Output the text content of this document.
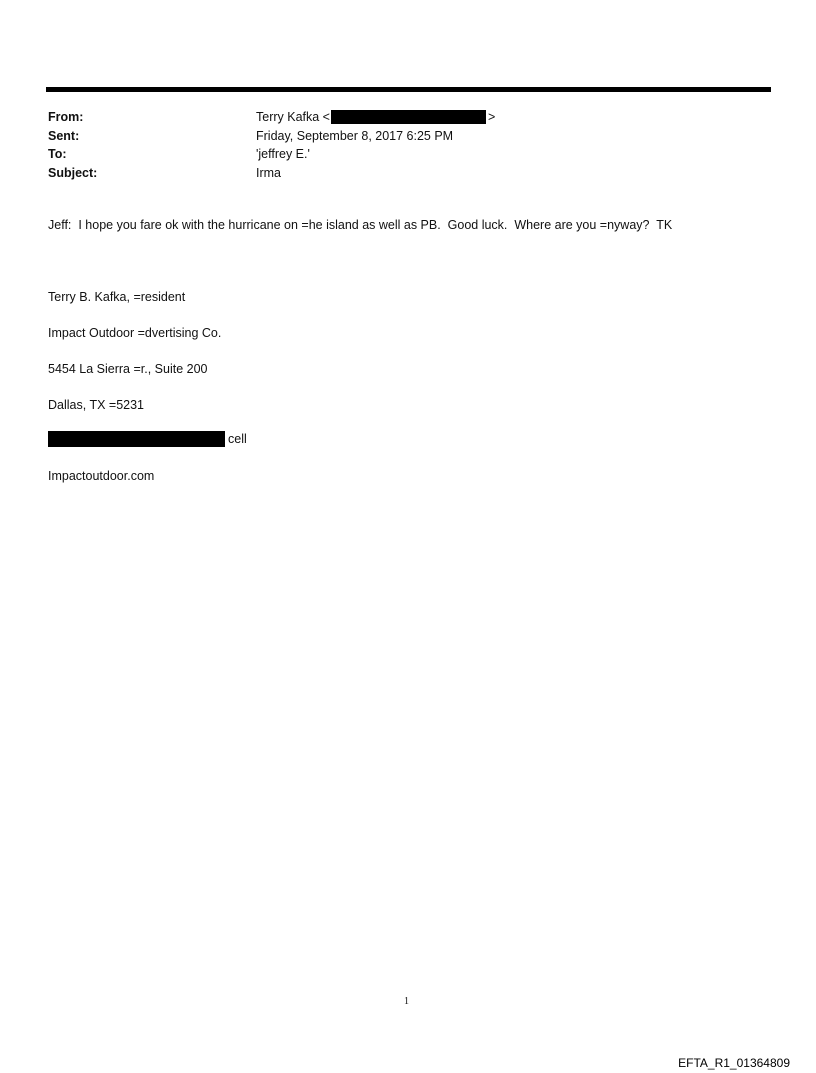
From:	Terry Kafka <	>
Sent:	Friday, September 8, 2017 6:25 PM
To:	'jeffrey E.'
Subject:	Irma
Jeff:  I hope you fare ok with the hurricane on =he island as well as PB.  Good luck.  Where are you =nyway?  TK
Terry B. Kafka, =resident
Impact Outdoor =dvertising Co.
5454 La Sierra =r., Suite 200
Dallas, TX =5231
cell
Impactoutdoor.com
1
EFTA_R1_01364809
